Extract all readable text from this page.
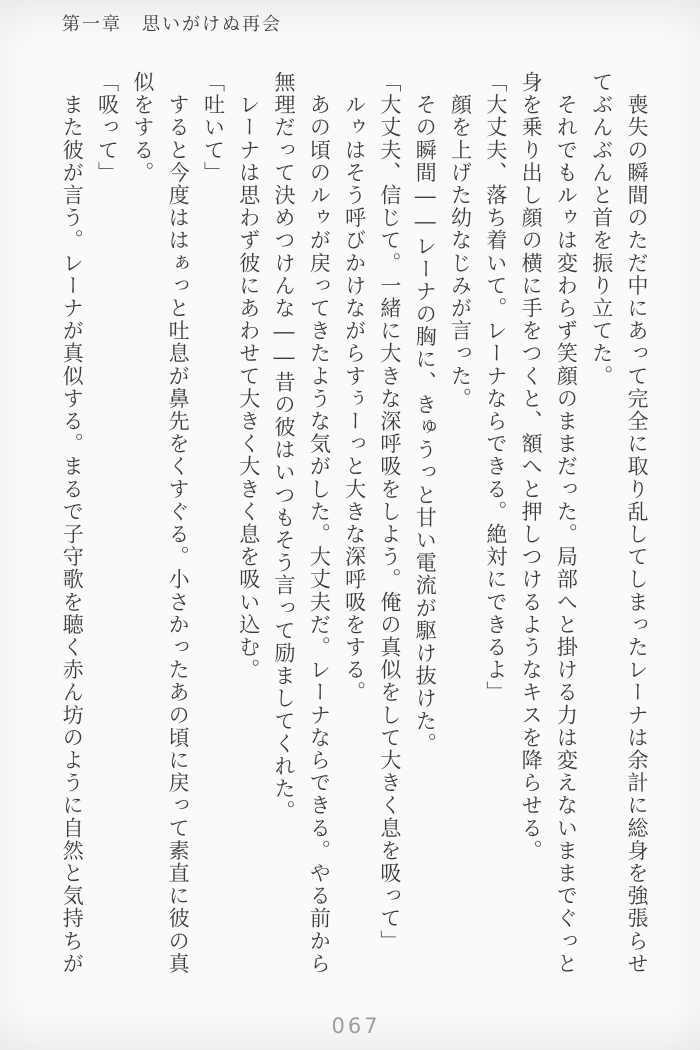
第一章　思いがけぬ再会

　喪失の瞬間のただ中にあって完全に取り乱してしまったレーナは余計に総身を強張らせ

てぶんぶんと首を振り立てた。

　それでもルゥは変わらず笑顔のままだった。局部へと掛ける力は変えないままでぐっと

身を乗り出し顔の横に手をつくと、額へと押しつけるようなキスを降らせる。

「大丈夫、落ち着いて。レーナならできる。絶対にできるよ」

　顔を上げた幼なじみが言った。

　その瞬間――レーナの胸に、きゅうっと甘い電流が駆け抜けた。

「大丈夫、信じて。一緒に大きな深呼吸をしよう。俺の真似をして大きく息を吸って」

　ルゥはそう呼びかけながらすぅーっと大きな深呼吸をする。

　あの頃のルゥが戻ってきたような気がした。大丈夫だ。レーナならできる。やる前から

無理だって決めつけんな――昔の彼はいつもそう言って励ましてくれた。

　レーナは思わず彼にあわせて大きく大きく息を吸い込む。

「吐いて」

　すると今度ははぁっと吐息が鼻先をくすぐる。小さかったあの頃に戻って素直に彼の真

似をする。

「吸って」

　また彼が言う。レーナが真似する。まるで子守歌を聴く赤ん坊のように自然と気持ちが

067
